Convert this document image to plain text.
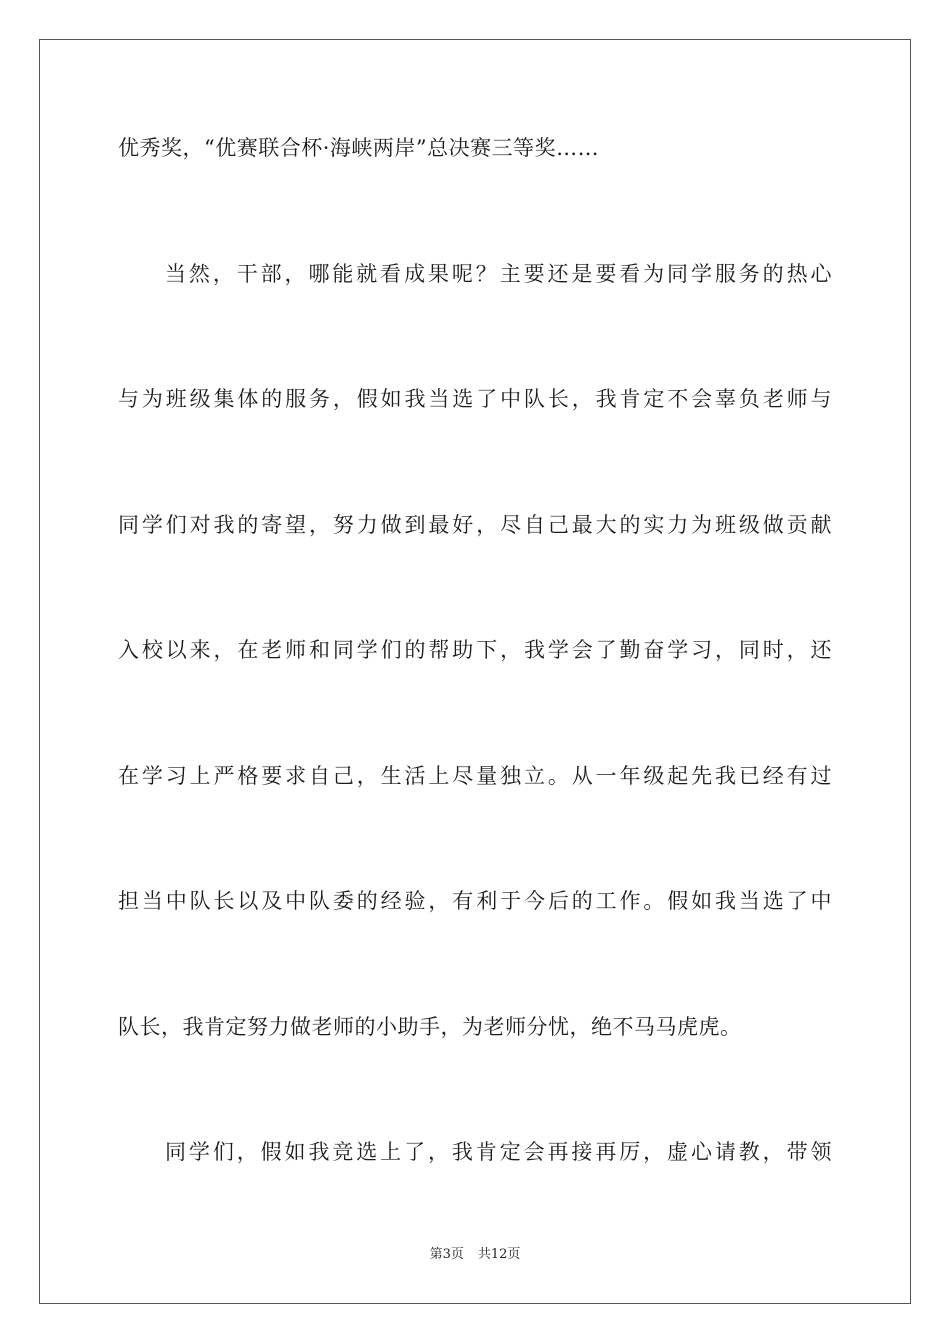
优秀奖，“优赛联合杯·海峡两岸”总决赛三等奖……
当然，干部，哪能就看成果呢？主要还是要看为同学服务的热心
与为班级集体的服务，假如我当选了中队长，我肯定不会辜负老师与
同学们对我的寄望，努力做到最好，尽自己最大的实力为班级做贡献
入校以来，在老师和同学们的帮助下，我学会了勤奋学习，同时，还
在学习上严格要求自己，生活上尽量独立。从一年级起先我已经有过
担当中队长以及中队委的经验，有利于今后的工作。假如我当选了中
队长，我肯定努力做老师的小助手，为老师分忧，绝不马马虎虎。
同学们，假如我竞选上了，我肯定会再接再厉，虚心请教，带领
第3页 共12页
